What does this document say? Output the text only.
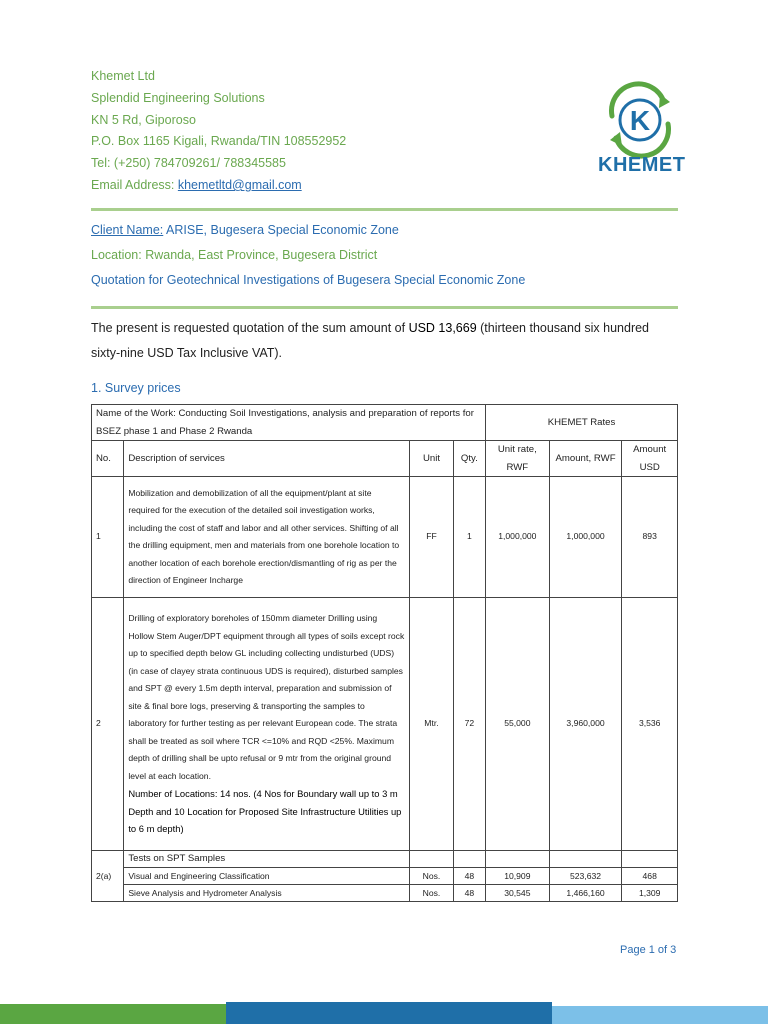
Khemet Ltd
Splendid Engineering Solutions
KN 5 Rd, Giporoso
P.O. Box 1165 Kigali, Rwanda/TIN 108552952
Tel: (+250) 784709261/ 788345585
Email Address: khemetltd@gmail.com
K
KHEMET
Client Name: ARISE, Bugesera Special Economic Zone
Location: Rwanda, East Province, Bugesera District
Quotation for Geotechnical Investigations of Bugesera Special Economic Zone
The present is requested quotation of the sum amount of USD 13,669 (thirteen thousand six hundred sixty-nine USD Tax Inclusive VAT).
1. Survey prices
Name of the Work: Conducting Soil Investigations, analysis and preparation of reports for BSEZ phase 1 and Phase 2 Rwanda				KHEMET Rates		
No.	Description of services	Unit	Qty.	Unit rate, RWF	Amount, RWF	Amount USD
1	Mobilization and demobilization of all the equipment/plant at site required for the execution of the detailed soil investigation works, including the cost of staff and labor and all other services. Shifting of all the drilling equipment, men and materials from one borehole location to another location of each borehole erection/dismantling of rig as per the direction of Engineer Incharge	FF	1	1,000,000	1,000,000	893
2	Drilling of exploratory boreholes of 150mm diameter Drilling using Hollow Stem Auger/DPT equipment through all types of soils except rock up to specified depth below GL including collecting undisturbed (UDS) (in case of clayey strata continuous UDS is required), disturbed samples and SPT @ every 1.5m depth interval, preparation and submission of site & final bore logs, preserving & transporting the samples to laboratory for further testing as per relevant European code. The strata shall be treated as soil where TCR <=10% and RQD <25%. Maximum depth of drilling shall be upto refusal or 9 mtr from the original ground level at each location.
Number of Locations: 14 nos. (4 Nos for Boundary wall up to 3 m Depth and 10 Location for Proposed Site Infrastructure Utilities up to 6 m depth)	Mtr.	72	55,000	3,960,000	3,536
2(a)	Tests on SPT Samples					
	Visual and Engineering Classification	Nos.	48	10,909	523,632	468
	Sieve Analysis and Hydrometer Analysis	Nos.	48	30,545	1,466,160	1,309
Page 1 of 3
